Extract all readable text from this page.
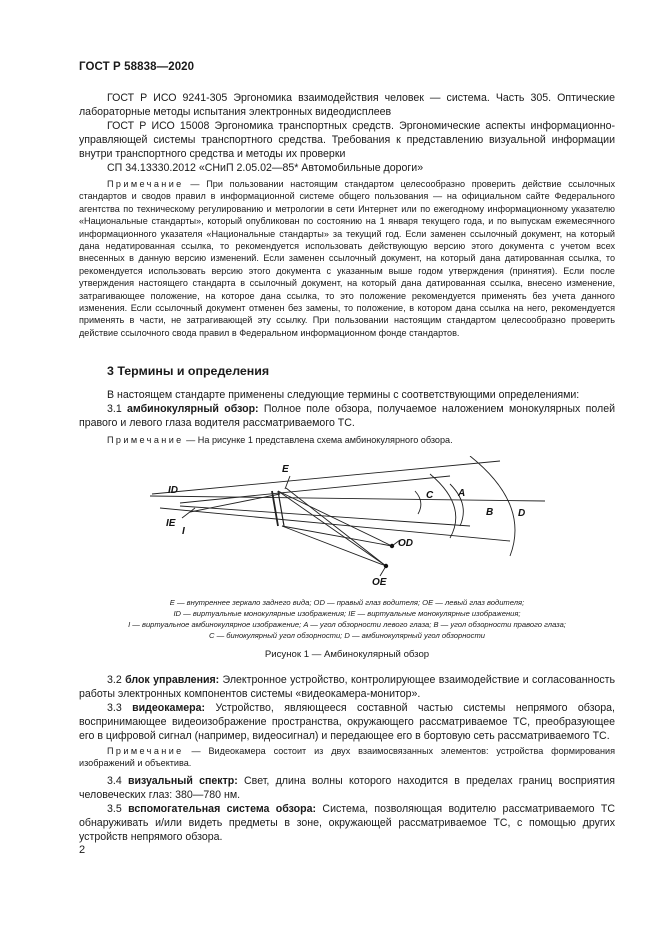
ГОСТ Р 58838—2020

ГОСТ Р ИСО 9241-305 Эргономика взаимодействия человек — система. Часть 305. Оптические лабораторные методы испытания электронных видеодисплеев

ГОСТ Р ИСО 15008 Эргономика транспортных средств. Эргономические аспекты информационно-управляющей системы транспортного средства. Требования к представлению визуальной информации внутри транспортного средства и методы их проверки

СП 34.13330.2012 «СНиП 2.05.02—85* Автомобильные дороги»

Примечание — При пользовании настоящим стандартом целесообразно проверить действие ссылочных стандартов и сводов правил в информационной системе общего пользования — на официальном сайте Федерального агентства по техническому регулированию и метрологии в сети Интернет или по ежегодному информационному указателю «Национальные стандарты», который опубликован по состоянию на 1 января текущего года, и по выпускам ежемесячного информационного указателя «Национальные стандарты» за текущий год. Если заменен ссылочный документ, на который дана недатированная ссылка, то рекомендуется использовать действующую версию этого документа с учетом всех внесенных в данную версию изменений. Если заменен ссылочный документ, на который дана датированная ссылка, то рекомендуется использовать версию этого документа с указанным выше годом утверждения (принятия). Если после утверждения настоящего стандарта в ссылочный документ, на который дана датированная ссылка, внесено изменение, затрагивающее положение, на которое дана ссылка, то это положение рекомендуется применять без учета данного изменения. Если ссылочный документ отменен без замены, то положение, в котором дана ссылка на него, рекомендуется применять в части, не затрагивающей эту ссылку. При пользовании настоящим стандартом целесообразно проверить действие ссылочного свода правил в Федеральном информационном фонде стандартов.

3 Термины и определения

В настоящем стандарте применены следующие термины с соответствующими определениями:

3.1 амбинокулярный обзор: Полное поле обзора, получаемое наложением монокулярных полей правого и левого глаза водителя рассматриваемого ТС.

Примечание — На рисунке 1 представлена схема амбинокулярного обзора.

E
ID
IE
I
C A
B D
OD
OE
E — внутреннее зеркало заднего вида; OD — правый глаз водителя; OE — левый глаз водителя;
ID — виртуальные монокулярные изображения; IE — виртуальные монокулярные изображения;
I — виртуальное амбинокулярное изображение; A — угол обзорности левого глаза; B — угол обзорности правого глаза;
C — бинокулярный угол обзорности; D — амбинокулярный угол обзорности
Рисунок 1 — Амбинокулярный обзор

3.2 блок управления: Электронное устройство, контролирующее взаимодействие и согласованность работы электронных компонентов системы «видеокамера-монитор».

3.3 видеокамера: Устройство, являющееся составной частью системы непрямого обзора, воспринимающее видеоизображение пространства, окружающего рассматриваемое ТС, преобразующее его в цифровой сигнал (например, видеосигнал) и передающее его в бортовую сеть рассматриваемого ТС.

Примечание — Видеокамера состоит из двух взаимосвязанных элементов: устройства формирования изображений и объектива.

3.4 визуальный спектр: Свет, длина волны которого находится в пределах границ восприятия человеческих глаз: 380—780 нм.

3.5 вспомогательная система обзора: Система, позволяющая водителю рассматриваемого ТС обнаруживать и/или видеть предметы в зоне, окружающей рассматриваемое ТС, с помощью других устройств непрямого обзора.

2
